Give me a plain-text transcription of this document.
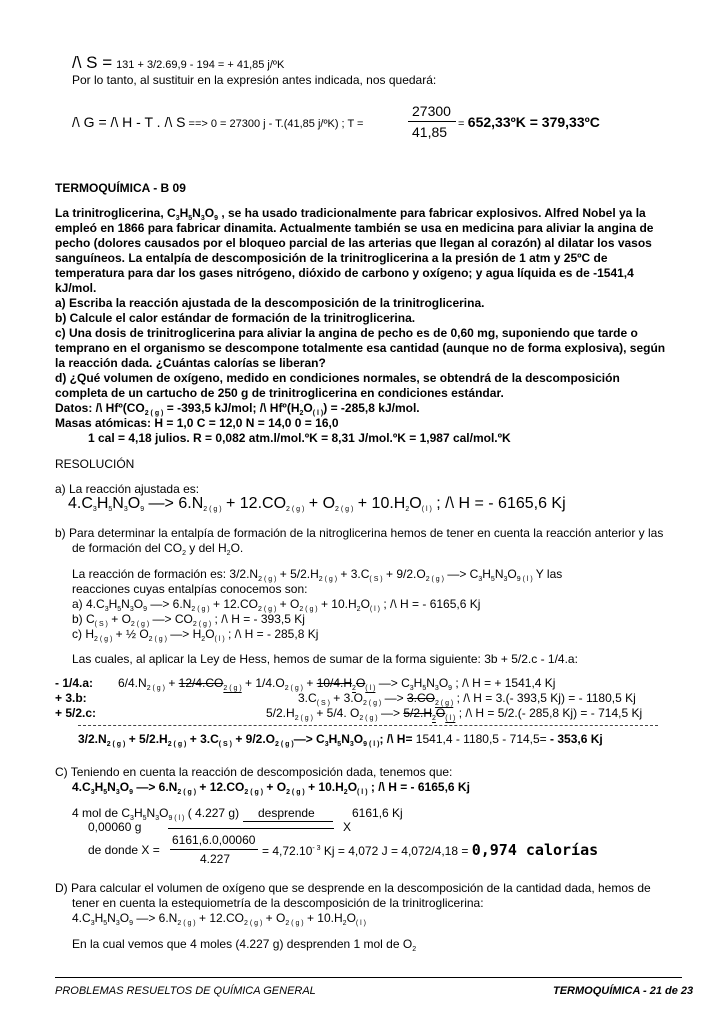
/\ S = 131 + 3/2.69,9 - 194 = + 41,85 j/ºK
Por lo tanto, al sustituir en la expresión antes indicada, nos quedará:
/\ G = /\ H - T . /\ S ==> 0 = 27300 j - T.(41,85 j/ºK) ; T =
27300
41,85 = 652,33ºK = 379,33ºC
TERMOQUÍMICA - B 09
La trinitroglicerina, $C_3H_5N_3O_9$ , se ha usado tradicionalmente para fabricar explosivos. Alfred Nobel ya la
empleó en 1866 para fabricar dinamita. Actualmente también se usa en medicina para aliviar la angina de
pecho (dolores causados por el bloqueo parcial de las arterias que llegan al corazón) al dilatar los vasos
sanguíneos. La entalpía de descomposición de la trinitroglicerina a la presión de 1 atm y 25ºC de
temperatura para dar los gases nitrógeno, dióxido de carbono y oxígeno; y agua líquida es de -1541,4
kJ/mol.
a) Escriba la reacción ajustada de la descomposición de la trinitroglicerina.
b) Calcule el calor estándar de formación de la trinitroglicerina.
c) Una dosis de trinitroglicerina para aliviar la angina de pecho es de 0,60 mg, suponiendo que tarde o
temprano en el organismo se descompone totalmente esa cantidad (aunque no de forma explosiva), según
la reacción dada. ¿Cuántas calorías se liberan?
d) ¿Qué volumen de oxígeno, medido en condiciones normales, se obtendrá de la descomposición
completa de un cartucho de 250 g de trinitroglicerina en condiciones estándar.
Datos: /\ $Hfº(CO_{2 ( g )} = -393,5$ kJ/mol; /\ $Hfº(H_2O_{( l )}) = -285,8$ kJ/mol.
Masas atómicas: H = 1,0 C = 12,0 N = 14,0 0 = 16,0
1 cal = 4,18 julios. R = 0,082 atm.l/mol.ºK = 8,31 J/mol.ºK = 1,987 cal/mol.ºK
RESOLUCIÓN
a) La reacción ajustada es:
$4.C_3H_5N_3O_9$ —> $6.N_{2 ( g )} + 12.CO_{2 ( g )} + O_{2 ( g )} + 10.H_2O_{( l )}$ ; /\ H = - 6165,6 Kj
b) Para determinar la entalpía de formación de la nitroglicerina hemos de tener en cuenta la reacción anterior y las
de formación del $CO_2$ y del $H_2O$.
La reacción de formación es: $3/2.N_{2 ( g )} + 5/2.H_{2 ( g )} + 3.C_{( S )} + 9/2.O_{2 ( g )}$ —> $C_3H_5N_3O_{9 ( l )}$ Y las
reacciones cuyas entalpías conocemos son:
a) $4.C_3H_5N_3O_9$ —> $6.N_{2 ( g )} + 12.CO_{2 ( g )} + O_{2 ( g )} + 10.H_2O_{( l )}$ ; /\ H = - 6165,6 Kj
b) $C_{( S )} + O_{2 ( g )}$ —> $CO_{2 ( g )}$ ; /\ H = - 393,5 Kj
c) $H_{2 ( g )}$ + ½ $O_{2 ( g )}$ —> $H_2O_{( l )}$ ; /\ H = - 285,8 Kj
Las cuales, al aplicar la Ley de Hess, hemos de sumar de la forma siguiente: 3b + 5/2.c - 1/4.a:
- 1/4.a: $6/4.N_{2 ( g )} + 12/4.CO_{2 ( g )} + 1/4.O_{2 ( g )} + 10/4.H_2O_{( l )}$ —> $C_3H_5N_3O_9$ ; /\ H = + 1541,4 Kj
+ 3.b:	$3.C_{( S )} + 3.O_{2 ( g )}$ —> $3.CO_{2 ( g )}$ ; /\ H = 3.(- 393,5 Kj) = - 1180,5 Kj
+ 5/2.c:	$5/2.H_{2 ( g )} + 5/4$. $O_{2 ( g )}$ —> $5/2.H_2O_{( l )}$ ; /\ H = 5/2.(- 285,8 Kj) = - 714,5 Kj
$3/2.N_{2 ( g )} + 5/2.H_{2 ( g )} + 3.C_{( S )}$ + $9/2.O_{2 ( g )}—> C_3H_5N_3O_{9 ( l )}$; /\ H= 1541,4 - 1180,5 - 714,5= - 353,6 Kj
C) Teniendo en cuenta la reacción de descomposición dada, tenemos que:
$4.C_3H_5N_3O_9$ —> $6.N_{2 ( g )} + 12.CO_{2 ( g )} + O_{2 ( g )} + 10.H_2O_{( l )}$ ; /\ H = - 6165,6 Kj
4 mol de $C_3H_5N_3O_{9 ( l )}$ ( 4.227 g) desprende	6161,6 Kj
0,00060 g	X
6161,6.0,00060
de donde X =
4.227
= $4,72.10^{- 3}$ Kj = 4,072 J = 4,072/4,18 = 0,974 calorías
D) Para calcular el volumen de oxígeno que se desprende en la descomposición de la cantidad dada, hemos de
tener en cuenta la estequiometría de la descomposición de la trinitroglicerina:
$4.C_3H_5N_3O_9$ —> $6.N_{2 ( g )} + 12.CO_{2 ( g )} + O_{2 ( g )} + 10.H_2O_{( l )}$
En la cual vemos que 4 moles (4.227 g) desprenden 1 mol de $O_2$
PROBLEMAS RESUELTOS DE QUÍMICA GENERAL	TERMOQUÍMICA - 21 de 23
